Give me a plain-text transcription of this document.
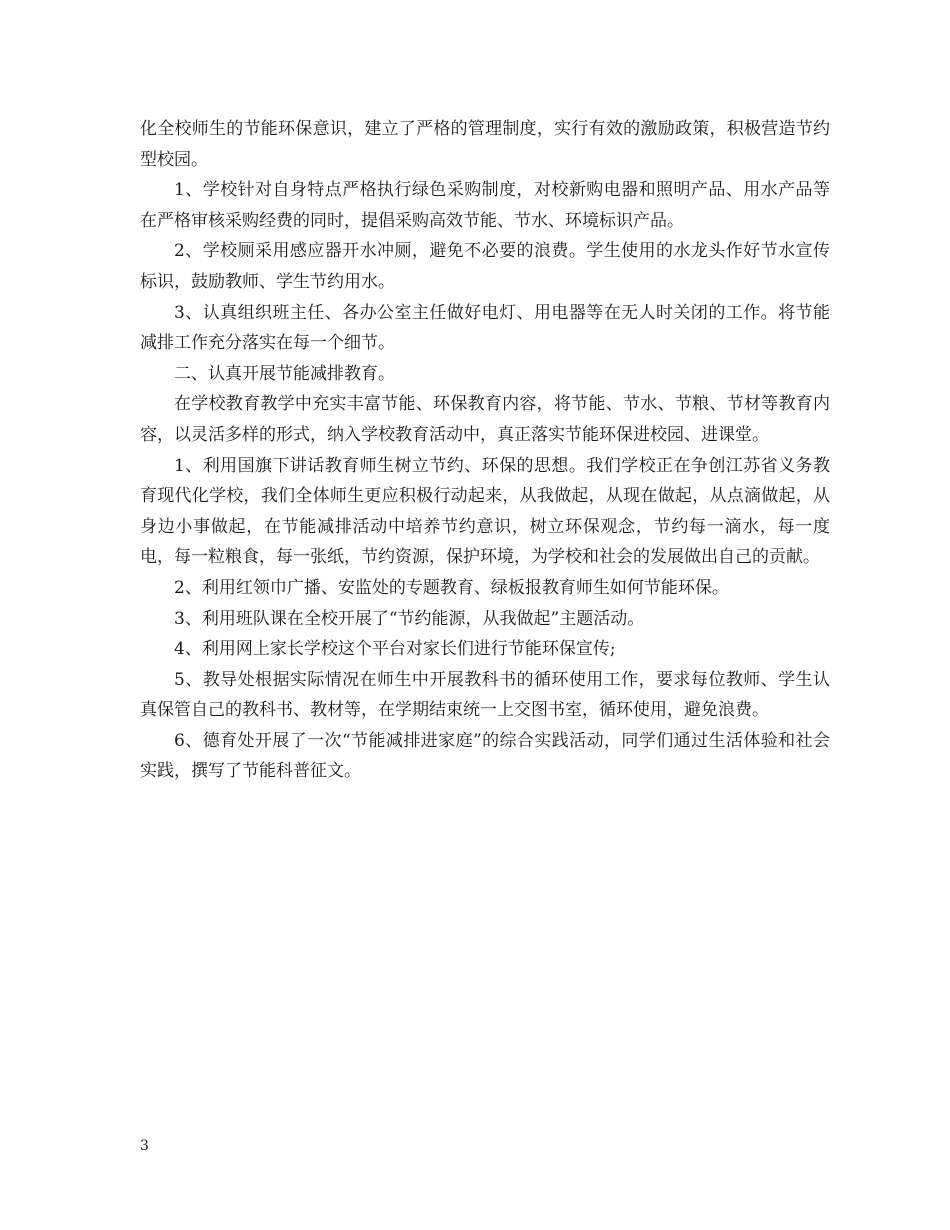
化全校师生的节能环保意识，建立了严格的管理制度，实行有效的激励政策，积极营造节约型校园。

1、学校针对自身特点严格执行绿色采购制度，对校新购电器和照明产品、用水产品等在严格审核采购经费的同时，提倡采购高效节能、节水、环境标识产品。

2、学校厕采用感应器开水冲厕，避免不必要的浪费。学生使用的水龙头作好节水宣传标识，鼓励教师、学生节约用水。

3、认真组织班主任、各办公室主任做好电灯、用电器等在无人时关闭的工作。将节能减排工作充分落实在每一个细节。

二、认真开展节能减排教育。

在学校教育教学中充实丰富节能、环保教育内容，将节能、节水、节粮、节材等教育内容，以灵活多样的形式，纳入学校教育活动中，真正落实节能环保进校园、进课堂。

1、利用国旗下讲话教育师生树立节约、环保的思想。我们学校正在争创江苏省义务教育现代化学校，我们全体师生更应积极行动起来，从我做起，从现在做起，从点滴做起，从身边小事做起，在节能减排活动中培养节约意识，树立环保观念，节约每一滴水，每一度电，每一粒粮食，每一张纸，节约资源，保护环境，为学校和社会的发展做出自己的贡献。

2、利用红领巾广播、安监处的专题教育、绿板报教育师生如何节能环保。

3、利用班队课在全校开展了“节约能源，从我做起”主题活动。

4、利用网上家长学校这个平台对家长们进行节能环保宣传;

5、教导处根据实际情况在师生中开展教科书的循环使用工作，要求每位教师、学生认真保管自己的教科书、教材等，在学期结束统一上交图书室，循环使用，避免浪费。

6、德育处开展了一次“节能减排进家庭”的综合实践活动，同学们通过生活体验和社会实践，撰写了节能科普征文。

3
